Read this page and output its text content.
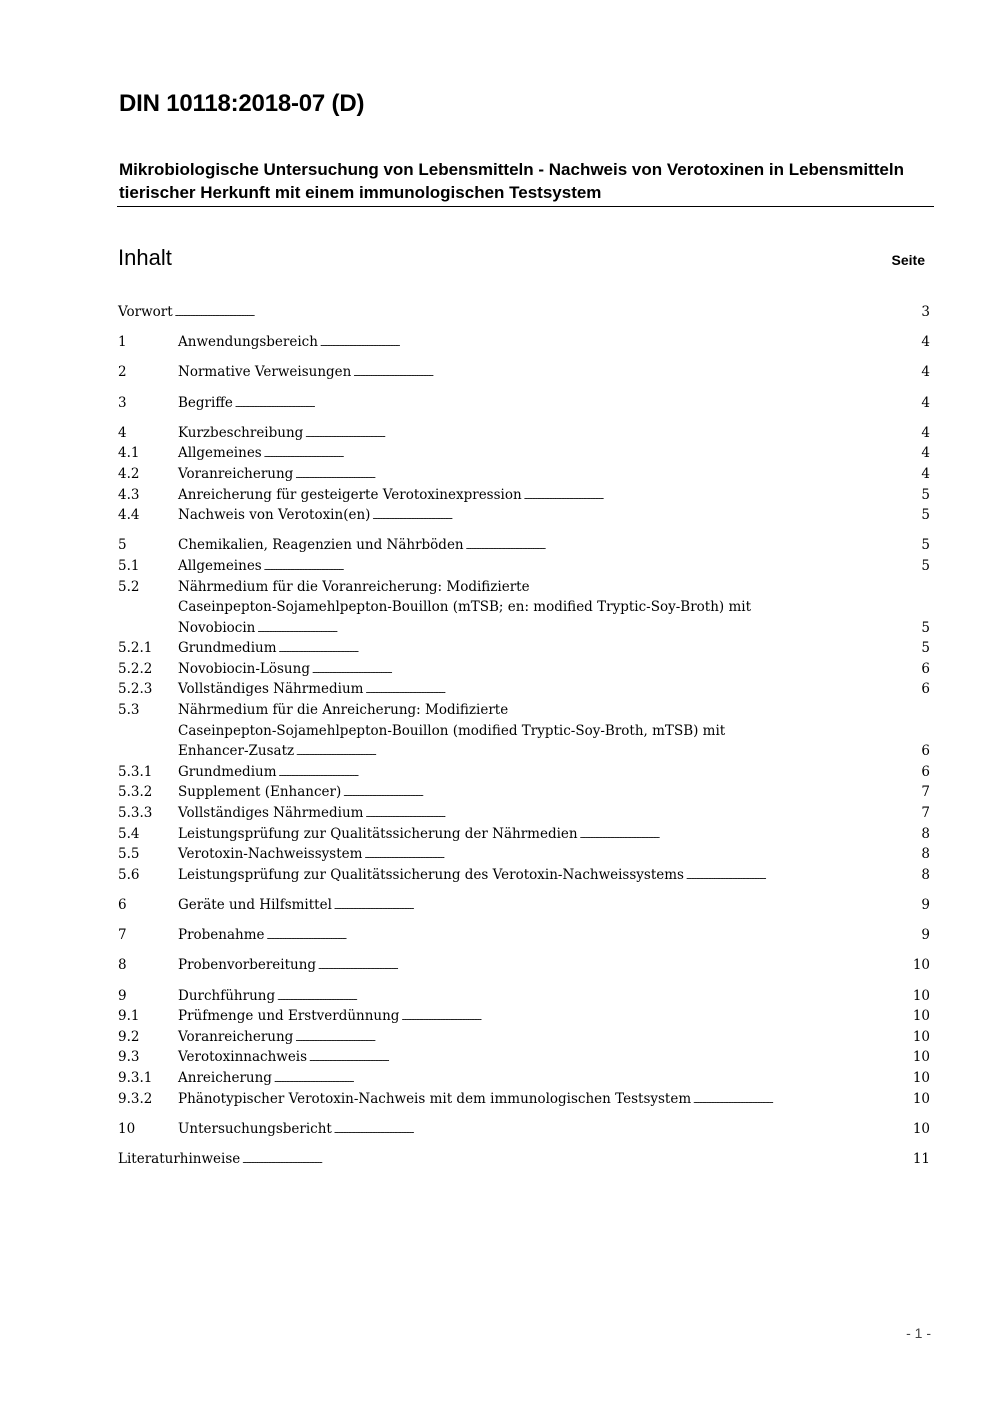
DIN 10118:2018-07 (D)
Mikrobiologische Untersuchung von Lebensmitteln - Nachweis von Verotoxinen in Lebensmitteln tierischer Herkunft mit einem immunologischen Testsystem
Inhalt	Seite
Vorwort . . .	3
1	Anwendungsbereich . . .	4
2	Normative Verweisungen . . .	4
3	Begriffe . . .	4
4	Kurzbeschreibung . . .	4
4.1	Allgemeines . . .	4
4.2	Voranreicherung . . .	4
4.3	Anreicherung für gesteigerte Verotoxinexpression . . .	5
4.4	Nachweis von Verotoxin(en) . . .	5
5	Chemikalien, Reagenzien und Nährböden . . .	5
5.1	Allgemeines . . .	5
5.2	Nährmedium für die Voranreicherung: Modifizierte
Caseinpepton-Sojamehlpepton-Bouillon (mTSB; en: modified Tryptic-Soy-Broth) mit
Novobiocin . . .	5
5.2.1 Grundmedium . . .	5
5.2.2 Novobiocin-Lösung . . .	6
5.2.3 Vollständiges Nährmedium . . .	6
5.3	Nährmedium für die Anreicherung: Modifizierte
Caseinpepton-Sojamehlpepton-Bouillon (modified Tryptic-Soy-Broth, mTSB) mit
Enhancer-Zusatz . . .	6
5.3.1 Grundmedium . . .	6
5.3.2 Supplement (Enhancer) . . .	7
5.3.3 Vollständiges Nährmedium . . .	7
5.4	Leistungsprüfung zur Qualitätssicherung der Nährmedien . . .	8
5.5	Verotoxin-Nachweissystem . . .	8
5.6	Leistungsprüfung zur Qualitätssicherung des Verotoxin-Nachweissystems . . .	8
6	Geräte und Hilfsmittel . . .	9
7	Probenahme . . .	9
8	Probenvorbereitung . . .	10
9	Durchführung . . .	10
9.1	Prüfmenge und Erstverdünnung . . .	10
9.2	Voranreicherung . . .	10
9.3	Verotoxinnachweis . . .	10
9.3.1 Anreicherung . . .	10
9.3.2 Phänotypischer Verotoxin-Nachweis mit dem immunologischen Testsystem . . .	10
10	Untersuchungsbericht . . .	10
Literaturhinweise . . .	11
- 1 -
